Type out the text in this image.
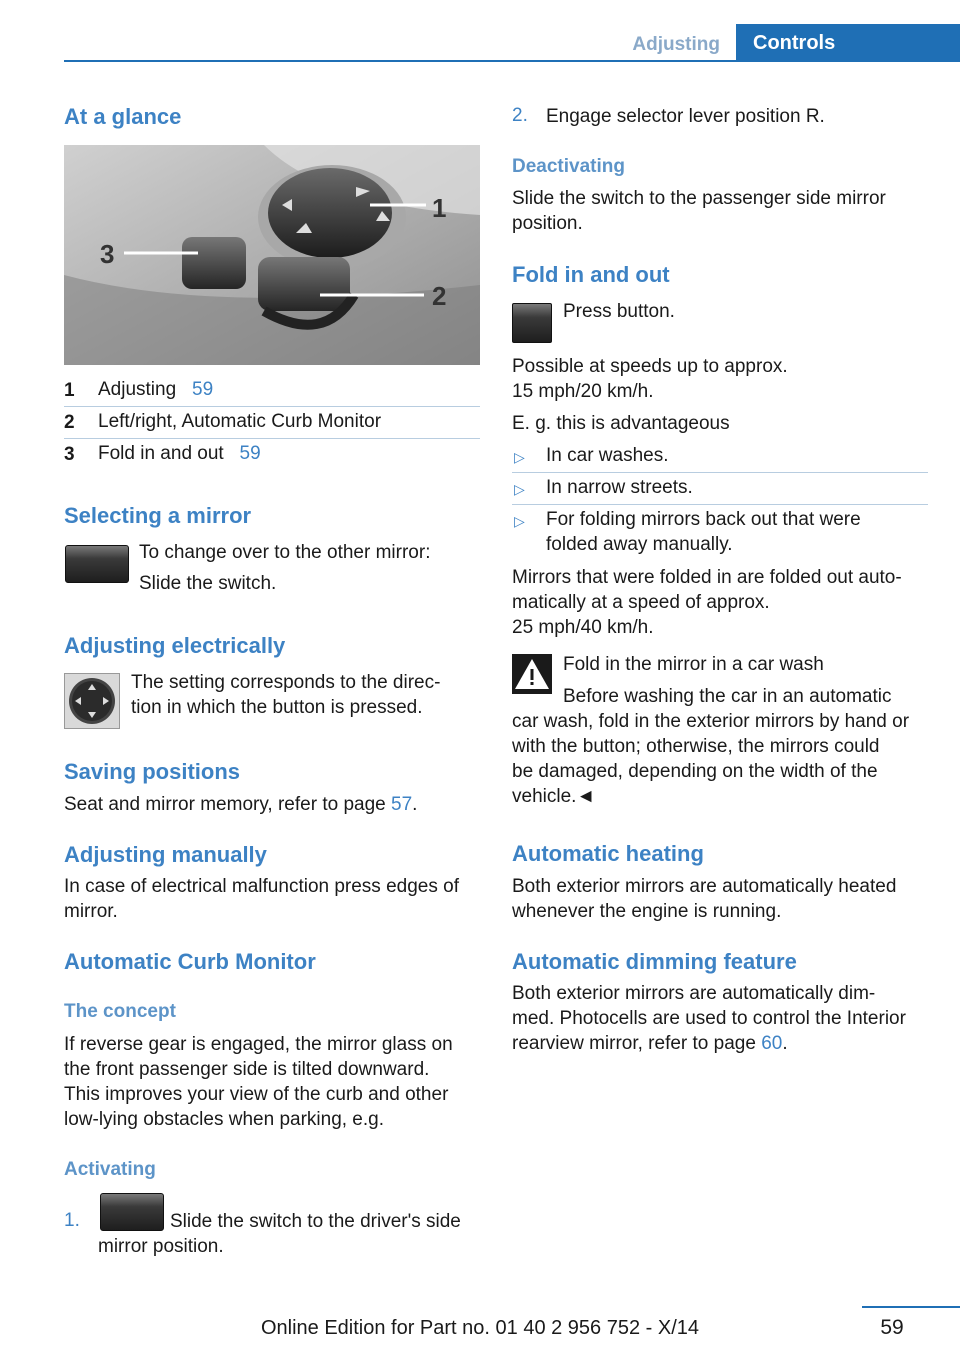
Adjusting	Controls
At a glance
3
1
2
1 Adjusting 59
2 Left/right, Automatic Curb Monitor
3 Fold in and out 59
Selecting a mirror
To change over to the other mirror:
Slide the switch.
Adjusting electrically
The setting corresponds to the direc‐
tion in which the button is pressed.
Saving positions
Seat and mirror memory, refer to page 57.
Adjusting manually
In case of electrical malfunction press edges of
mirror.
Automatic Curb Monitor
The concept
If reverse gear is engaged, the mirror glass on
the front passenger side is tilted downward.
This improves your view of the curb and other
low-lying obstacles when parking, e.g.
Activating
1.	Slide the switch to the driver's side
mirror position.
2. Engage selector lever position R.
Deactivating
Slide the switch to the passenger side mirror
position.
Fold in and out
Press button.
Possible at speeds up to approx.
15 mph/20 km/h.
E. g. this is advantageous
▷ In car washes.
▷ In narrow streets.
▷ For folding mirrors back out that were
folded away manually.
Mirrors that were folded in are folded out auto‐
matically at a speed of approx.
25 mph/40 km/h.
Fold in the mirror in a car wash
Before washing the car in an automatic
car wash, fold in the exterior mirrors by hand or
with the button; otherwise, the mirrors could
be damaged, depending on the width of the
vehicle.◄
Automatic heating
Both exterior mirrors are automatically heated
whenever the engine is running.
Automatic dimming feature
Both exterior mirrors are automatically dim‐
med. Photocells are used to control the Interior
rearview mirror, refer to page 60.
59
Online Edition for Part no. 01 40 2 956 752 - X/14
